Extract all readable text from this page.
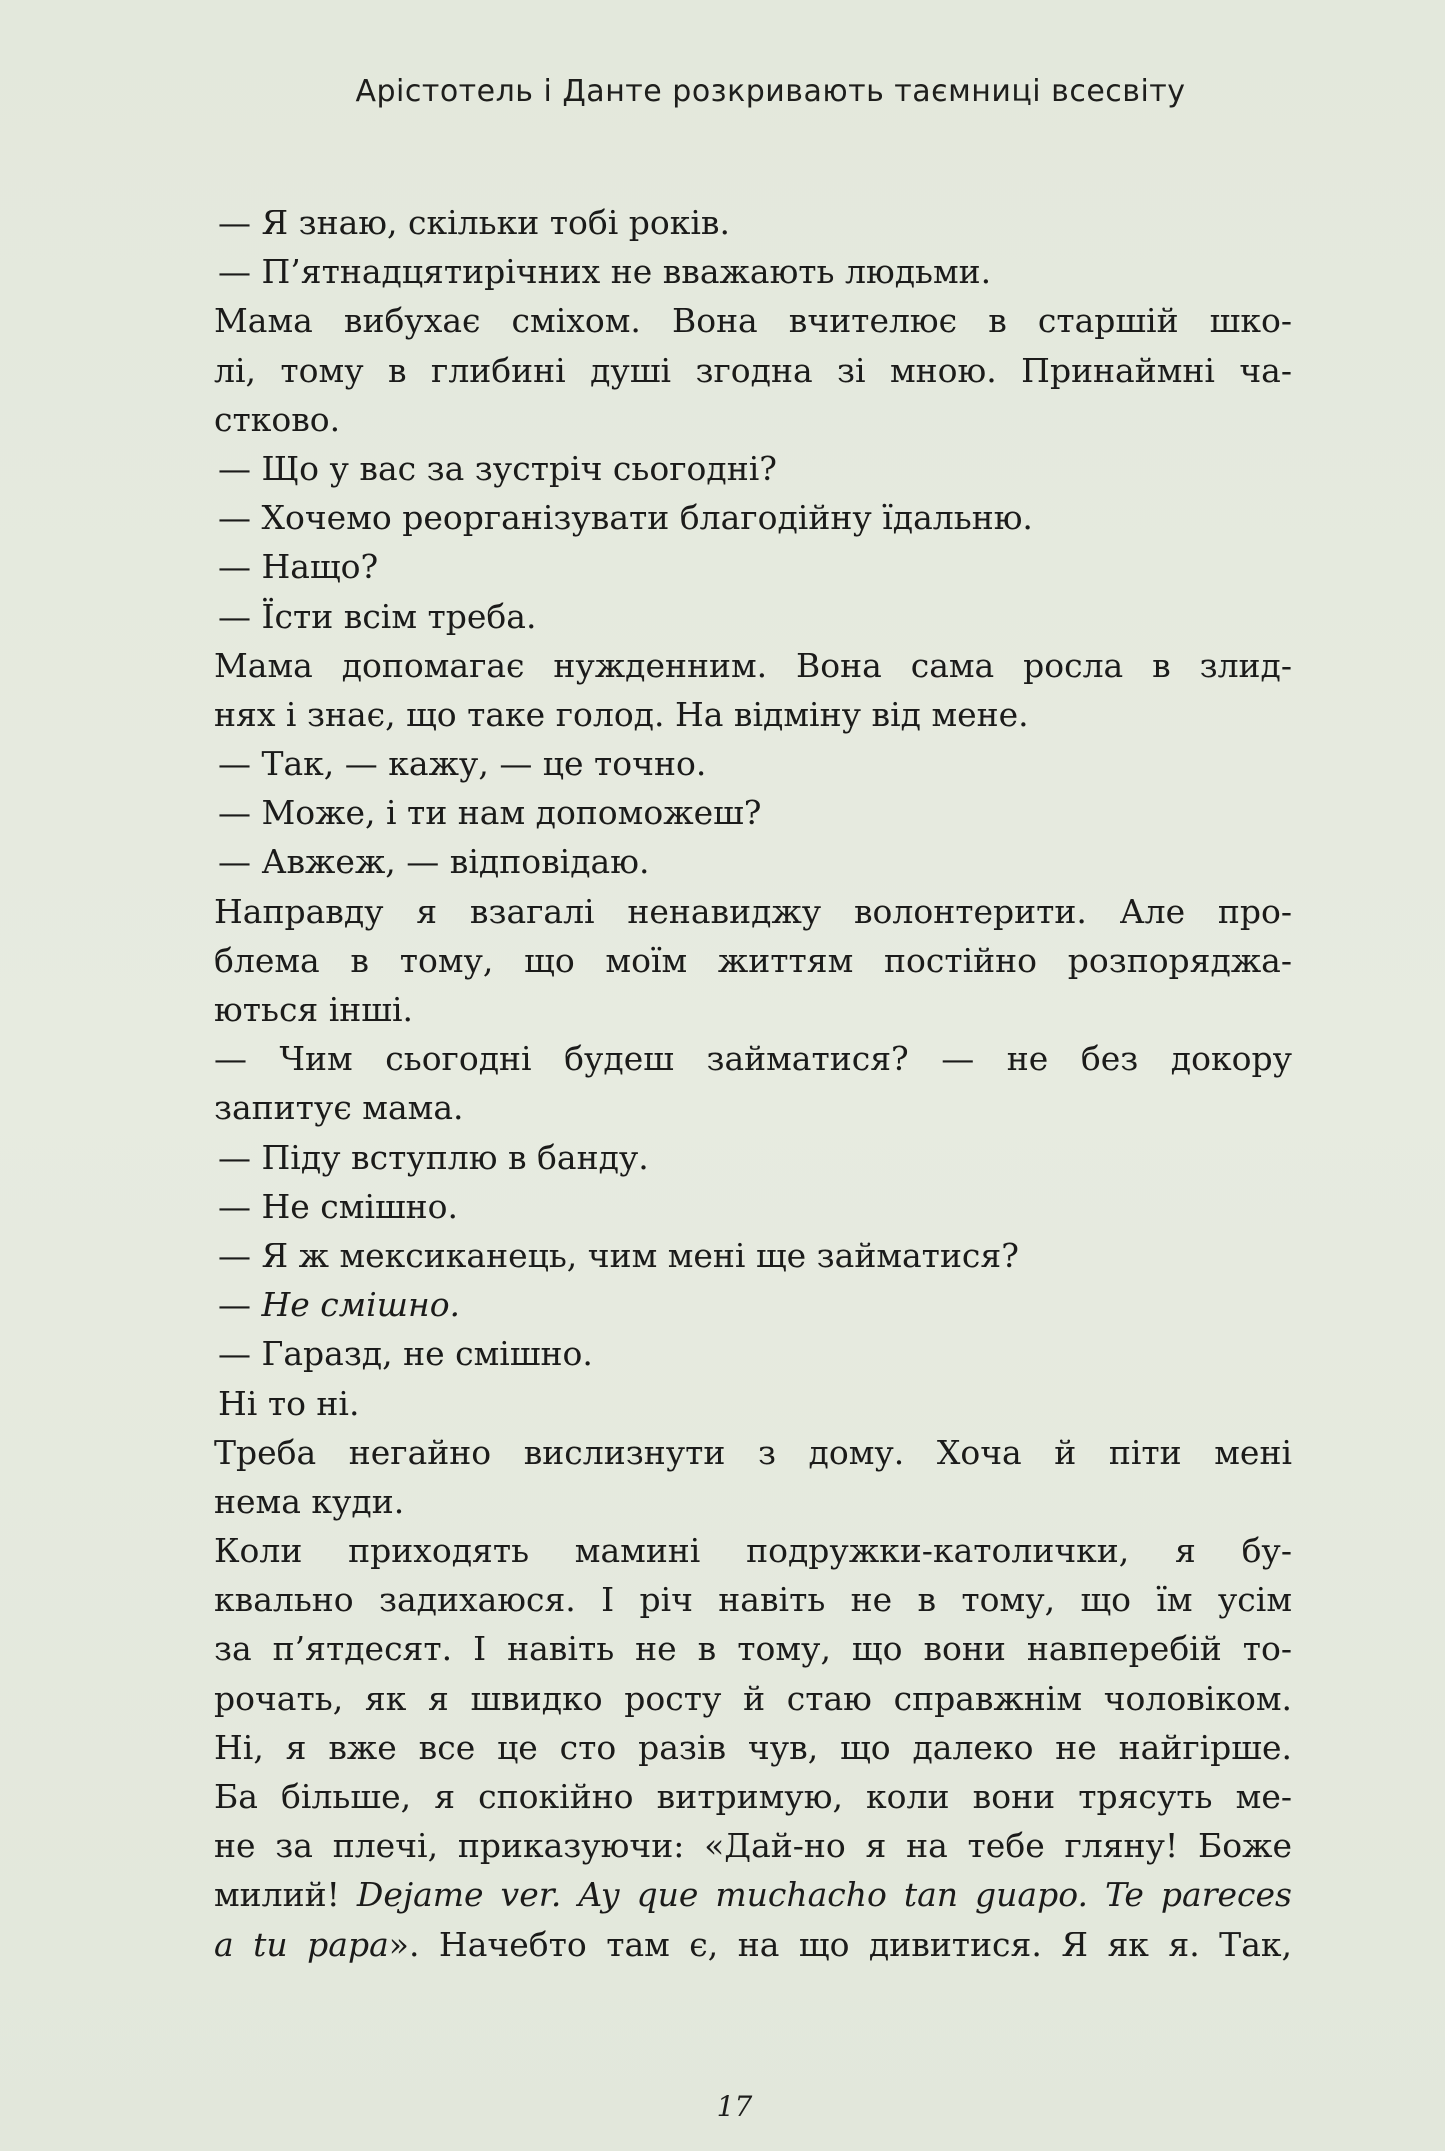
Арістотель і Данте розкривають таємниці всесвіту
— Я знаю, скільки тобі років.
— П’ятнадцятирічних не вважають людьми.
Мама вибухає сміхом. Вона вчителює в старшій шко-
лі, тому в глибині душі згодна зі мною. Принаймні ча-
стково.
— Що у вас за зустріч сьогодні?
— Хочемо реорганізувати благодійну їдальню.
— Нащо?
— Їсти всім треба.
Мама допомагає нужденним. Вона сама росла в злид-
нях і знає, що таке голод. На відміну від мене.
— Так, — кажу, — це точно.
— Може, і ти нам допоможеш?
— Авжеж, — відповідаю.
Направду я взагалі ненавиджу волонтерити. Але про-
блема в тому, що моїм життям постійно розпоряджа-
ються інші.
— Чим сьогодні будеш займатися? — не без докору
запитує мама.
— Піду вступлю в банду.
— Не смішно.
— Я ж мексиканець, чим мені ще займатися?
— Не смішно.
— Гаразд, не смішно.
Ні то ні.
Треба негайно вислизнути з дому. Хоча й піти мені
нема куди.
Коли приходять мамині подружки-католички, я бу-
квально задихаюся. І річ навіть не в тому, що їм усім
за п’ятдесят. І навіть не в тому, що вони навперебій то-
рочать, як я швидко росту й стаю справжнім чоловіком.
Ні, я вже все це сто разів чув, що далеко не найгірше.
Ба більше, я спокійно витримую, коли вони трясуть ме-
не за плечі, приказуючи: «Дай-но я на тебе гляну! Боже
милий! Dejame ver. Ay que muchacho tan guapo. Te pareces
a tu papa». Начебто там є, на що дивитися. Я як я. Так,
17
